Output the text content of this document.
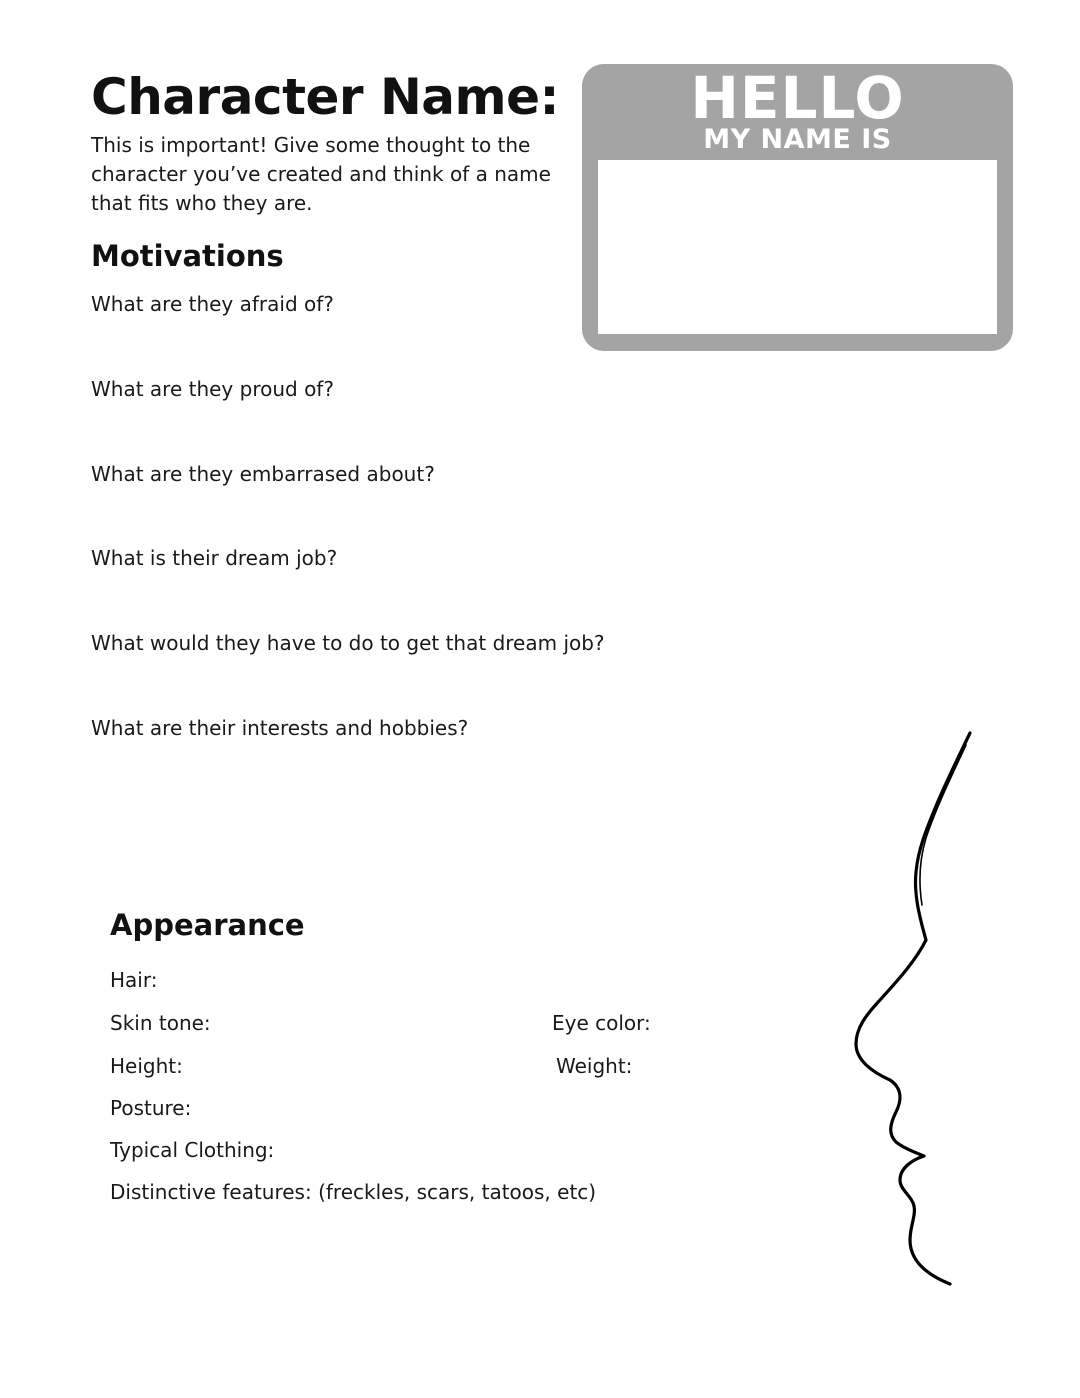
Character Name:

This is important! Give some thought to the character you’ve created and think of a name that fits who they are.

HELLO
MY NAME IS
Motivations

What are they afraid of?

What are they proud of?

What are they embarrased about?

What is their dream job?

What would they have to do to get that dream job?

What are their interests and hobbies?

Appearance

Hair:

Skin tone:	Eye color:

Height:	Weight:

Posture:

Typical Clothing:

Distinctive features: (freckles, scars, tatoos, etc)
